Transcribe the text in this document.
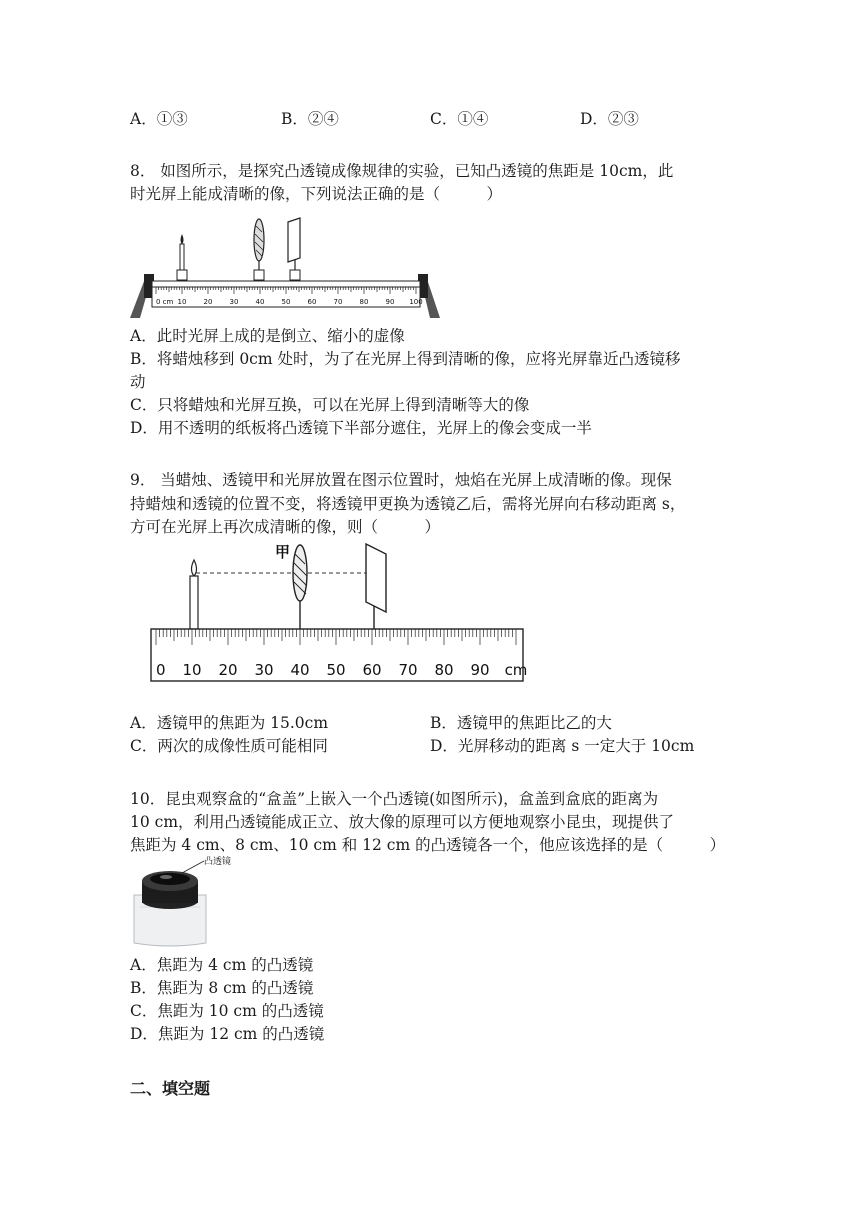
A．①③	B．②④	C．①④	D．②③
8． 如图所示，是探究凸透镜成像规律的实验，已知凸透镜的焦距是 10cm，此
时光屏上能成清晰的像，下列说法正确的是（　　　）
0 cm 10 20 30 40 50 60 70 80 90 100
A．此时光屏上成的是倒立、缩小的虚像
B．将蜡烛移到 0cm 处时，为了在光屏上得到清晰的像，应将光屏靠近凸透镜移
动
C．只将蜡烛和光屏互换，可以在光屏上得到清晰等大的像
D．用不透明的纸板将凸透镜下半部分遮住，光屏上的像会变成一半
9． 当蜡烛、透镜甲和光屏放置在图示位置时，烛焰在光屏上成清晰的像。现保
持蜡烛和透镜的位置不变，将透镜甲更换为透镜乙后，需将光屏向右移动距离 s，
方可在光屏上再次成清晰的像，则（　　　）
甲
0 10 20 30 40 50 60 70 80 90 cm
A．透镜甲的焦距为 15.0cm	B．透镜甲的焦距比乙的大
C．两次的成像性质可能相同	D．光屏移动的距离 s 一定大于 10cm
10．昆虫观察盒的“盒盖”上嵌入一个凸透镜(如图所示)，盒盖到盒底的距离为
10 cm，利用凸透镜能成正立、放大像的原理可以方便地观察小昆虫，现提供了
焦距为 4 cm、8 cm、10 cm 和 12 cm 的凸透镜各一个，他应该选择的是（　　　）
凸透镜
A．焦距为 4 cm 的凸透镜
B．焦距为 8 cm 的凸透镜
C．焦距为 10 cm 的凸透镜
D．焦距为 12 cm 的凸透镜
二、填空题
